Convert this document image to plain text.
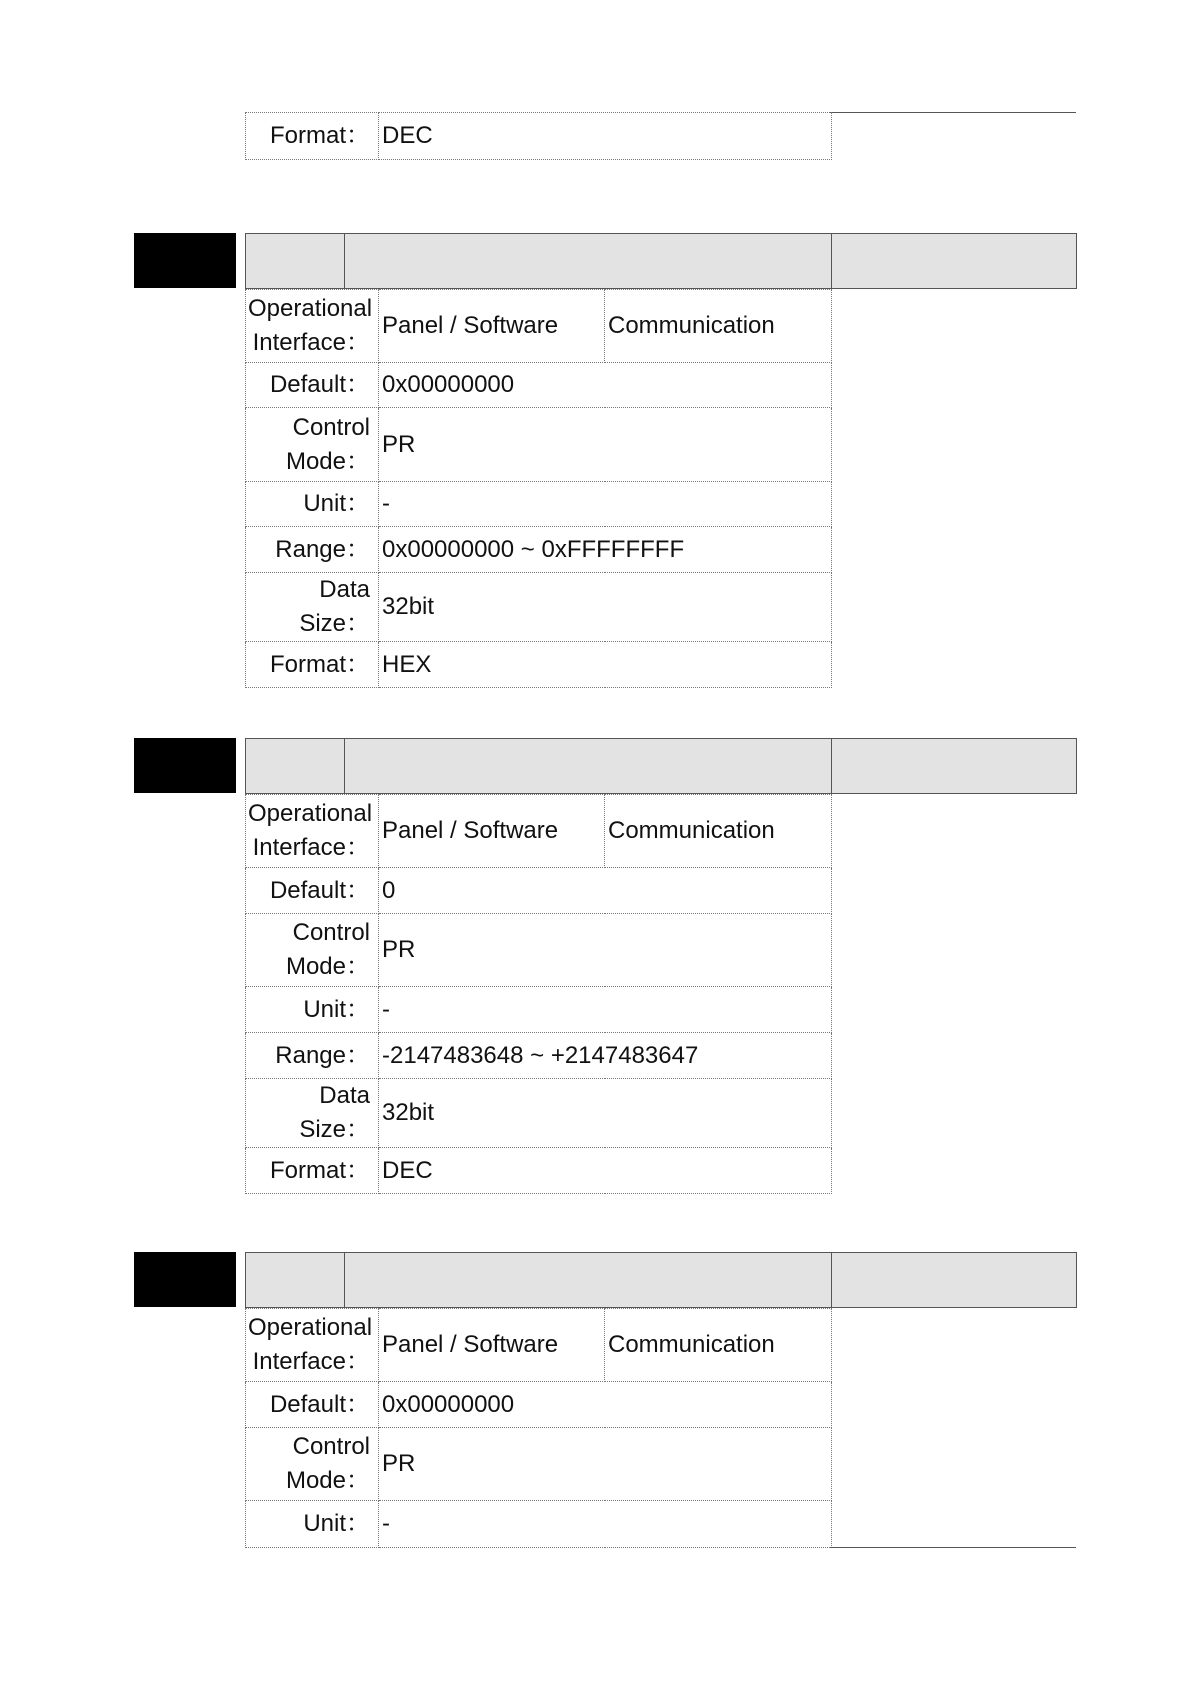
Format：	DEC
Operational Interface：	Panel / Software	Communication
Default：	0x00000000	
Control Mode：	PR	
Unit：	-	
Range：	0x00000000 ~ 0xFFFFFFFF	
Data Size：	32bit	
Format：	HEX	
Operational Interface：	Panel / Software	Communication
Default：	0	
Control Mode：	PR	
Unit：	-	
Range：	-2147483648 ~ +2147483647	
Data Size：	32bit	
Format：	DEC	
Operational Interface：	Panel / Software	Communication
Default：	0x00000000	
Control Mode：	PR	
Unit：	-	
